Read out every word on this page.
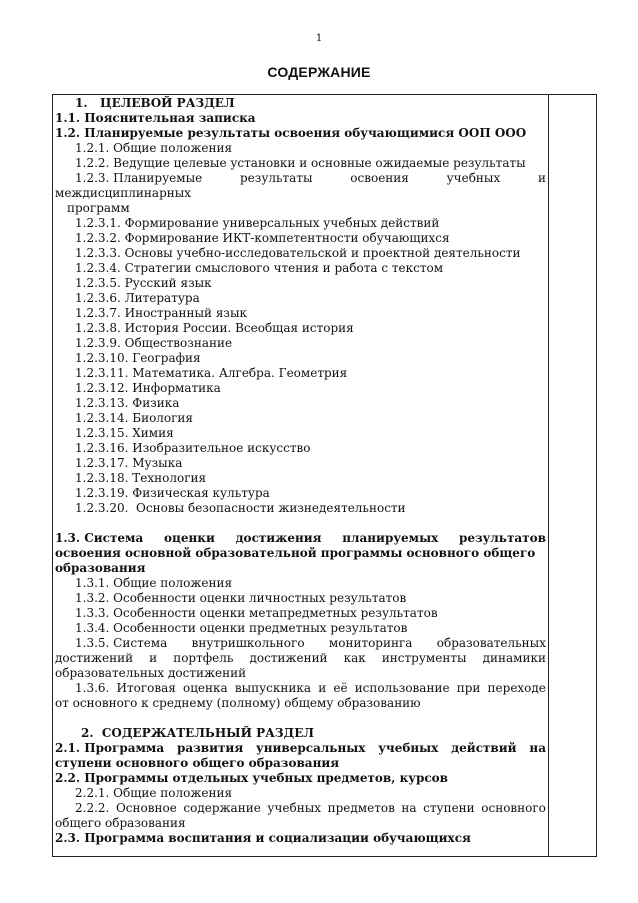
1
СОДЕРЖАНИЕ
1.   ЦЕЛЕВОЙ РАЗДЕЛ
1.1. Пояснительная записка
1.2. Планируемые результаты освоения обучающимися ООП ООО
1.2.1. Общие положения
1.2.2. Ведущие целевые установки и основные ожидаемые результаты
1.2.3. Планируемые	результаты	освоения	учебных	и
междисциплинарных
программ
1.2.3.1. Формирование универсальных учебных действий
1.2.3.2. Формирование ИКТ-компетентности обучающихся
1.2.3.3. Основы учебно-исследовательской и проектной деятельности
1.2.3.4. Стратегии смыслового чтения и работа с текстом
1.2.3.5. Русский язык
1.2.3.6. Литература
1.2.3.7. Иностранный язык
1.2.3.8. История России. Всеобщая история
1.2.3.9. Обществознание
1.2.3.10. География
1.2.3.11. Математика. Алгебра. Геометрия
1.2.3.12. Информатика
1.2.3.13. Физика
1.2.3.14. Биология
1.2.3.15. Химия
1.2.3.16. Изобразительное искусство
1.2.3.17. Музыка
1.2.3.18. Технология
1.2.3.19. Физическая культура
1.2.3.20.  Основы безопасности жизнедеятельности
1.3. Система оценки достижения планируемых результатов
освоения основной образовательной программы основного общего
образования
1.3.1. Общие положения
1.3.2. Особенности оценки личностных результатов
1.3.3. Особенности оценки метапредметных результатов
1.3.4. Особенности оценки предметных результатов
1.3.5. Система внутришкольного мониторинга образовательных
достижений и портфель достижений как инструменты динамики
образовательных достижений
1.3.6. Итоговая оценка выпускника и её использование при переходе
от основного к среднему (полному) общему образованию
2.  СОДЕРЖАТЕЛЬНЫЙ РАЗДЕЛ
2.1. Программа развития универсальных учебных действий на
ступени основного общего образования
2.2. Программы отдельных учебных предметов, курсов
2.2.1. Общие положения
2.2.2. Основное содержание учебных предметов на ступени основного
общего образования
2.3. Программа воспитания и социализации обучающихся
